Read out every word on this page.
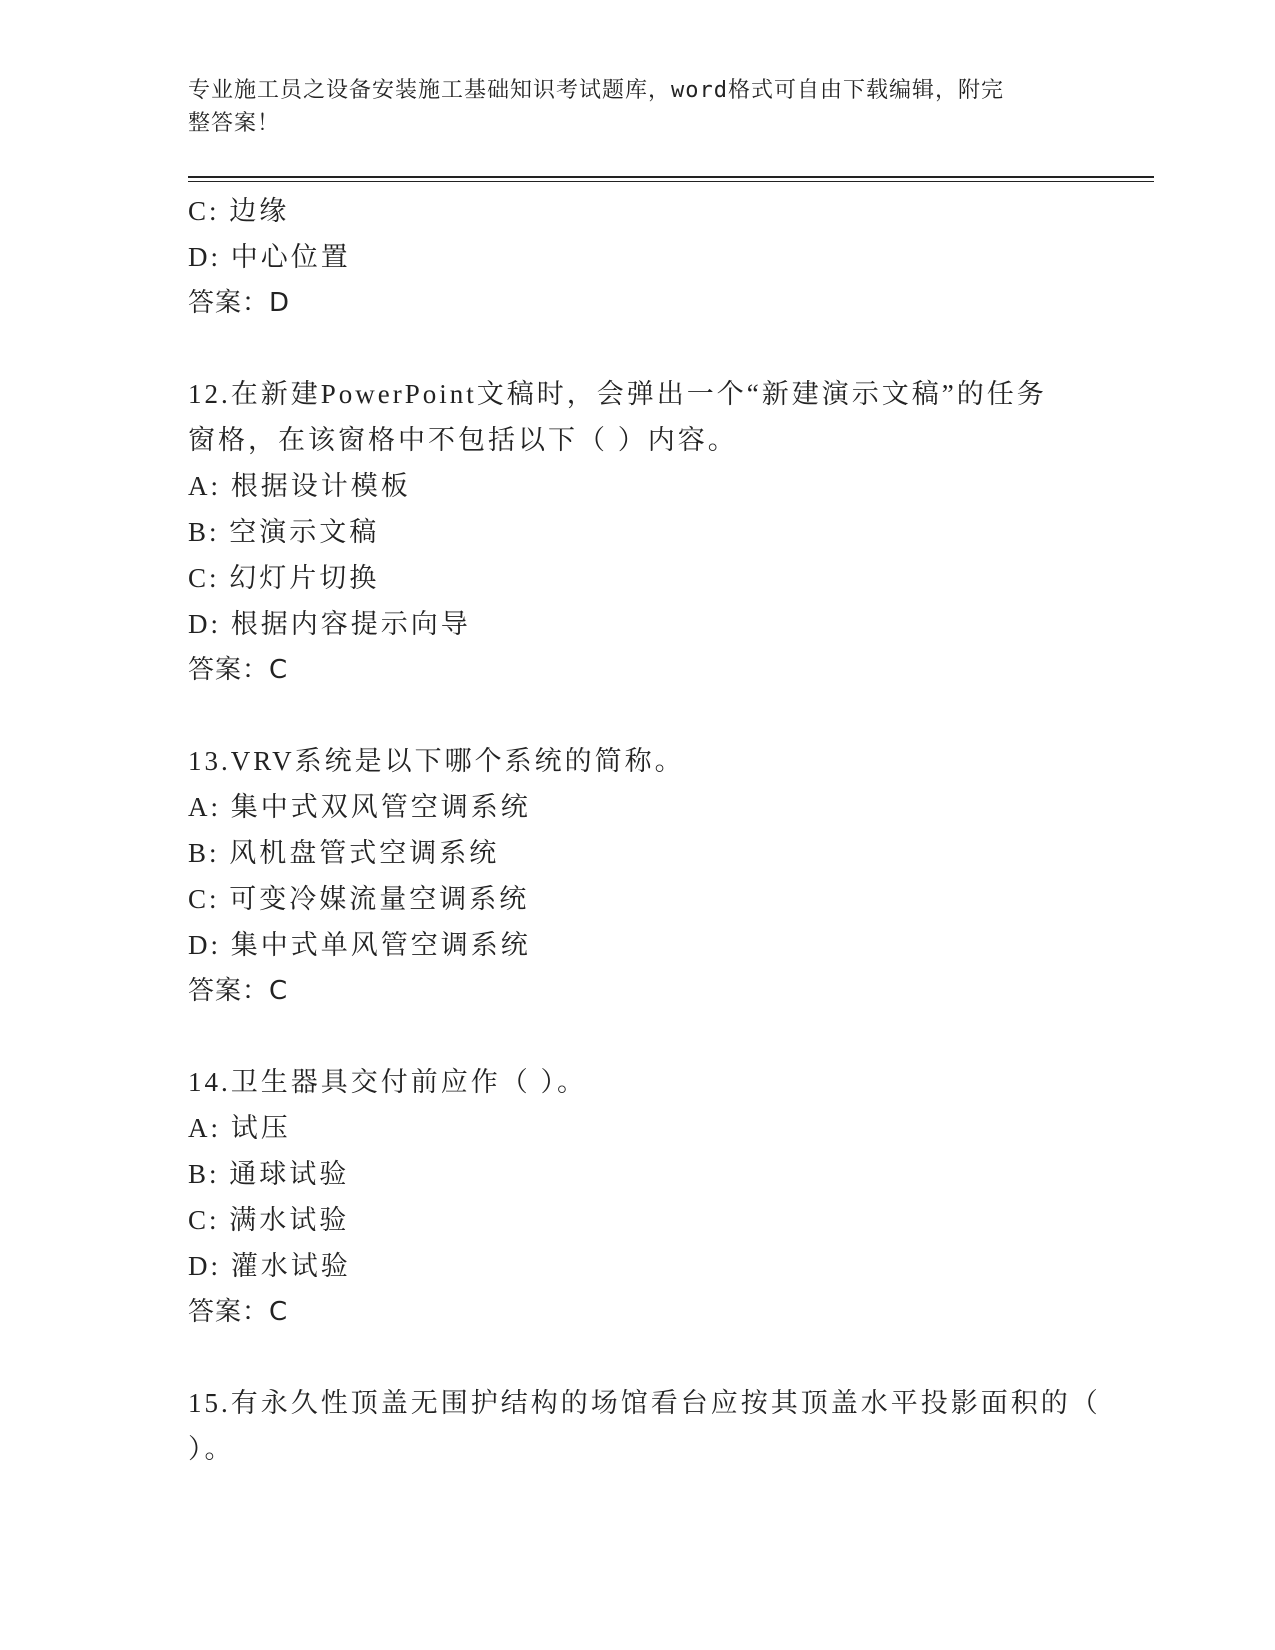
专业施工员之设备安装施工基础知识考试题库，word格式可自由下载编辑，附完
整答案！
C: 边缘
D: 中心位置
答案：D
12.在新建PowerPoint文稿时，会弹出一个“新建演示文稿”的任务
窗格，在该窗格中不包括以下（ ）内容。
A: 根据设计模板
B: 空演示文稿
C: 幻灯片切换
D: 根据内容提示向导
答案：C
13.VRV系统是以下哪个系统的简称。
A: 集中式双风管空调系统
B: 风机盘管式空调系统
C: 可变冷媒流量空调系统
D: 集中式单风管空调系统
答案：C
14.卫生器具交付前应作（ ）。
A: 试压
B: 通球试验
C: 满水试验
D: 灌水试验
答案：C
15.有永久性顶盖无围护结构的场馆看台应按其顶盖水平投影面积的（
）。
